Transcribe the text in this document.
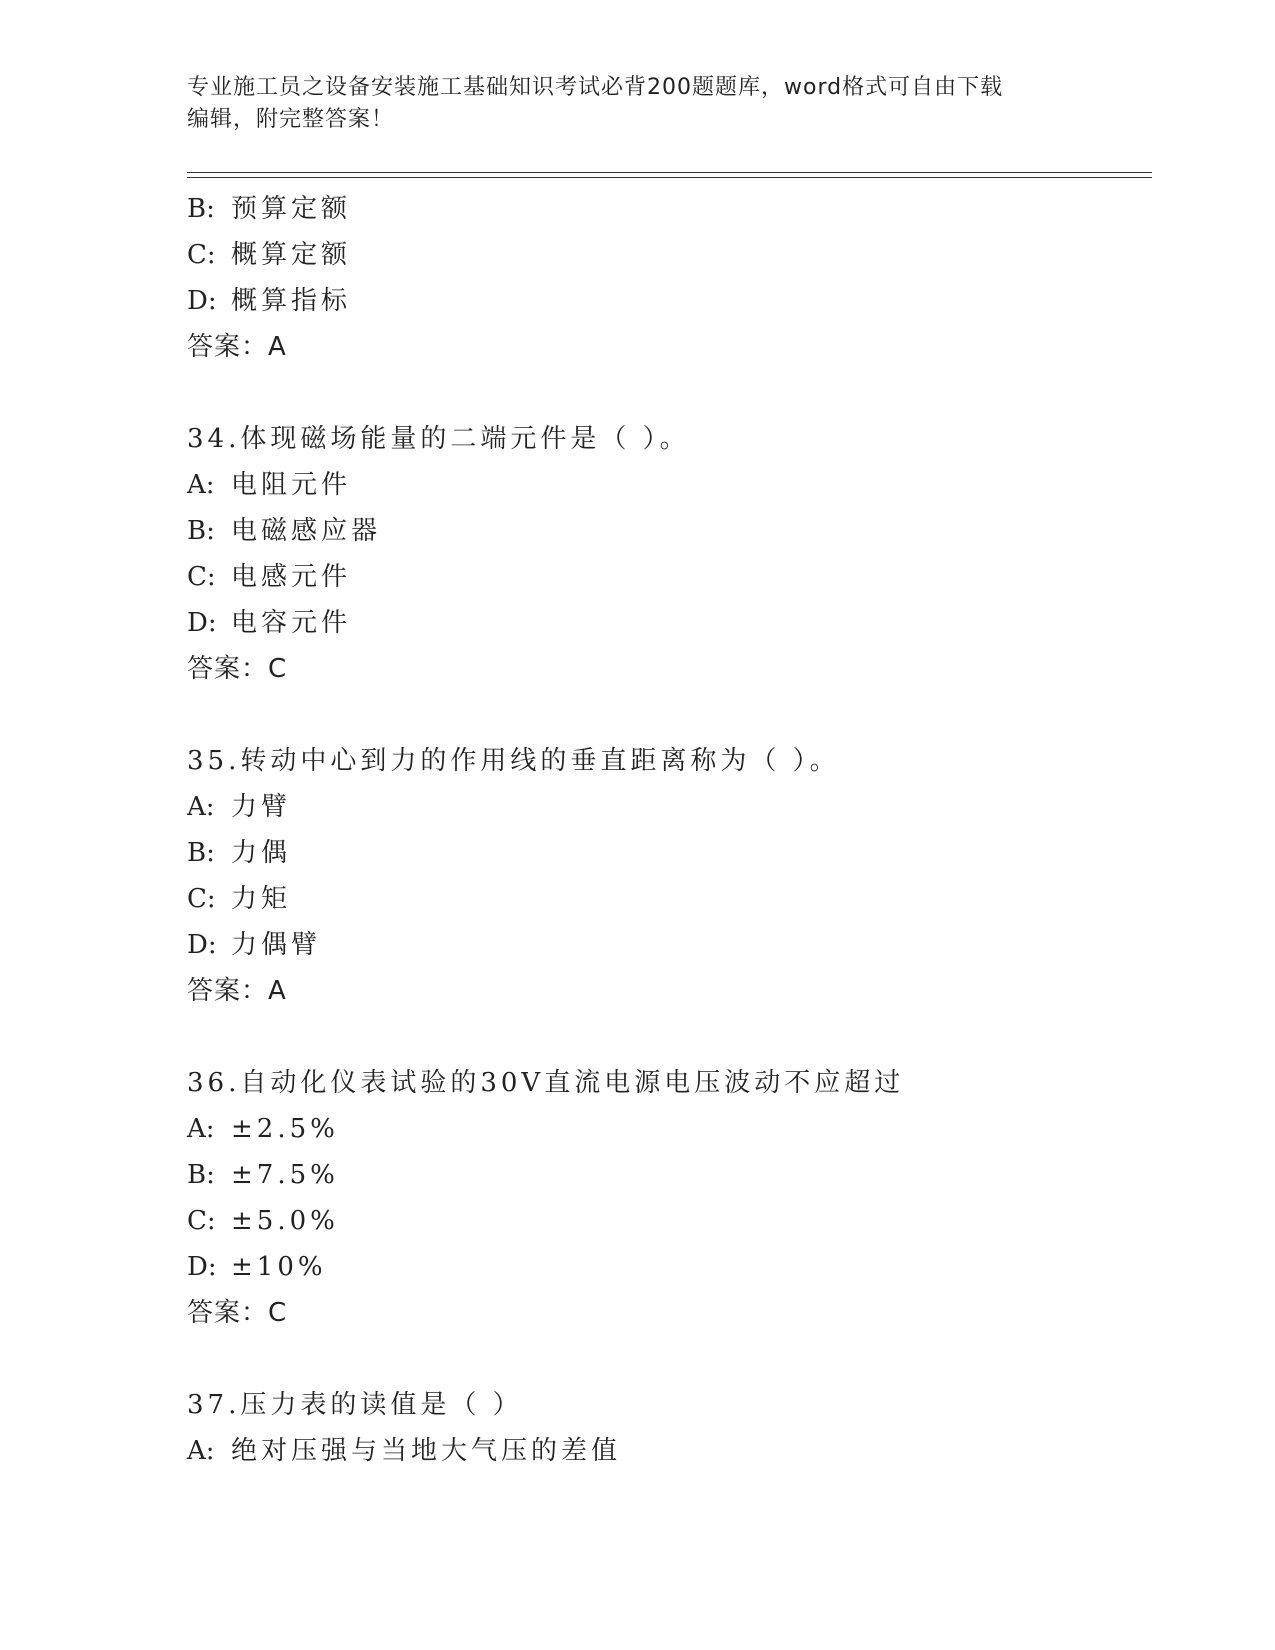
专业施工员之设备安装施工基础知识考试必背200题题库，word格式可自由下载
编辑，附完整答案！
B: 预算定额
C: 概算定额
D: 概算指标
答案：A
34.体现磁场能量的二端元件是（ ）。
A: 电阻元件
B: 电磁感应器
C: 电感元件
D: 电容元件
答案：C
35.转动中心到力的作用线的垂直距离称为（ ）。
A: 力臂
B: 力偶
C: 力矩
D: 力偶臂
答案：A
36.自动化仪表试验的30V直流电源电压波动不应超过
A: ±2.5%
B: ±7.5%
C: ±5.0%
D: ±10%
答案：C
37.压力表的读值是（ ）
A: 绝对压强与当地大气压的差值
